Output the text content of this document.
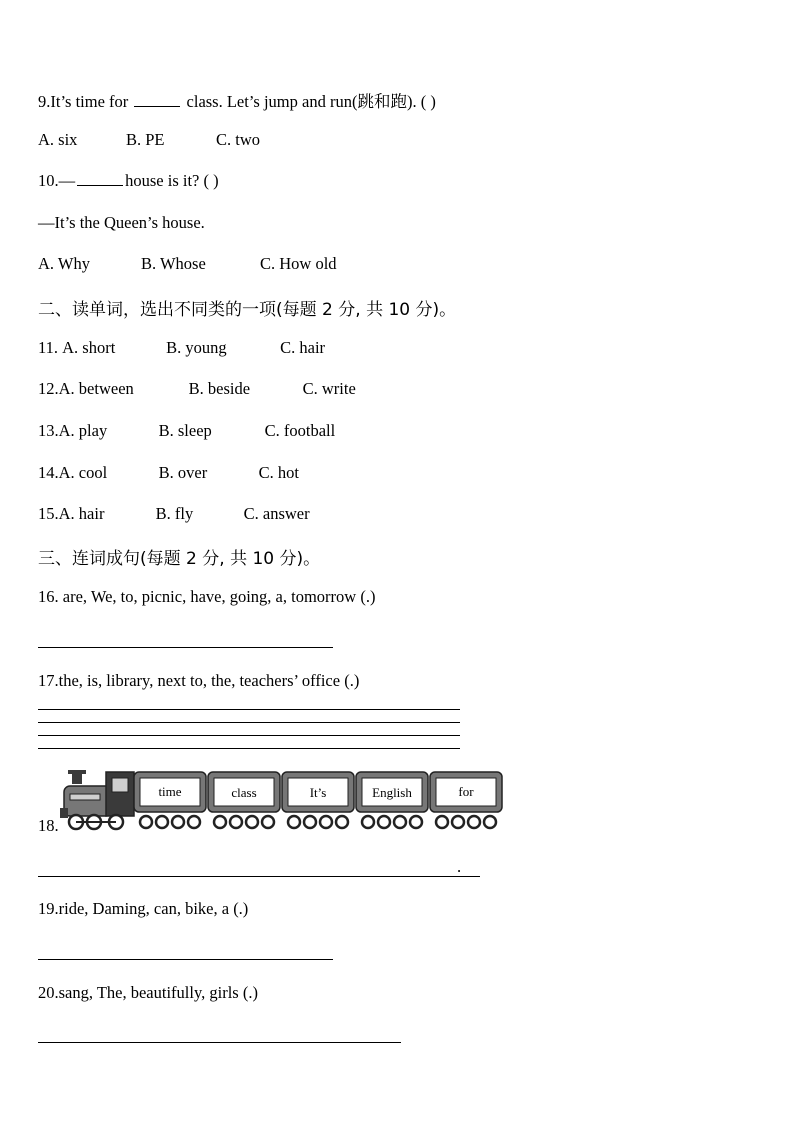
9.It’s time for	class. Let’s jump and run(跳和跑). ( )
A. six	B. PE	C. two
10.—	house is it? ( )
—It’s the Queen’s house.
A. Why	B. Whose	C. How old
二、读单词，选出不同类的一项(每题 2 分, 共 10 分)。
11. A. short	B. young	C. hair
12.A. between	B. beside	C. write
13.A. play	B. sleep	C. football
14.A. cool	B. over	C. hot
15.A. hair	B. fly	C. answer
三、连词成句(每题 2 分, 共 10 分)。
16. are, We, to, picnic, have, going, a, tomorrow (.)
17.the, is, library, next to, the, teachers’ office (.)
18.
time	class	It’s	English	for
.
19.ride, Daming, can, bike, a (.)
20.sang, The, beautifully, girls (.)
